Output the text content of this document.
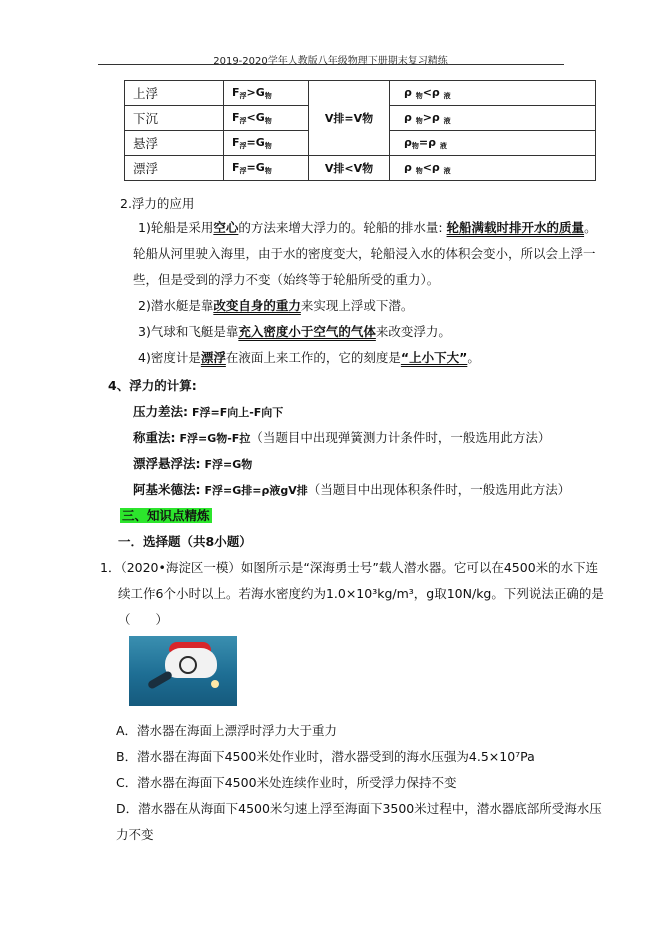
2019-2020学年人教版八年级物理下册期末复习精练
上浮	$F_浮>G_物$	V排=V物	ρ $_物$<ρ $_液$
下沉	$F_浮<G_物$		ρ $_物$>ρ $_液$
悬浮	$F_浮=G_物$		$\rho_物=\rho$ $_液$
漂浮	$F_浮=G_物$	V排<V物	ρ $_物$<ρ $_液$
2.浮力的应用
1)轮船是采用空心的方法来增大浮力的。轮船的排水量: 轮船满载时排开水的质量。
轮船从河里驶入海里，由于水的密度变大，轮船浸入水的体积会变小，所以会上浮一
些，但是受到的浮力不变（始终等于轮船所受的重力）。
2)潜水艇是靠改变自身的重力来实现上浮或下潜。
3)气球和飞艇是靠充入密度小于空气的气体来改变浮力。
4)密度计是漂浮在液面上来工作的，它的刻度是“上小下大”。
4、浮力的计算:
压力差法: F浮=F向上-F向下
称重法: F浮=G物-F拉（当题目中出现弹簧测力计条件时，一般选用此方法）
漂浮悬浮法: F浮=G物
阿基米德法: F浮=G排=ρ液gV排（当题目中出现体积条件时，一般选用此方法）
三、知识点精炼
一．选择题（共8小题）
1．（2020•海淀区一模）如图所示是“深海勇士号”载人潜水器。它可以在4500米的水下连
续工作6个小时以上。若海水密度约为1.0×10³kg/m³，g取10N/kg。下列说法正确的是
（　　）
A．潜水器在海面上漂浮时浮力大于重力
B．潜水器在海面下4500米处作业时，潜水器受到的海水压强为4.5×10⁷Pa
C．潜水器在海面下4500米处连续作业时，所受浮力保持不变
D．潜水器在从海面下4500米匀速上浮至海面下3500米过程中，潜水器底部所受海水压
力不变
